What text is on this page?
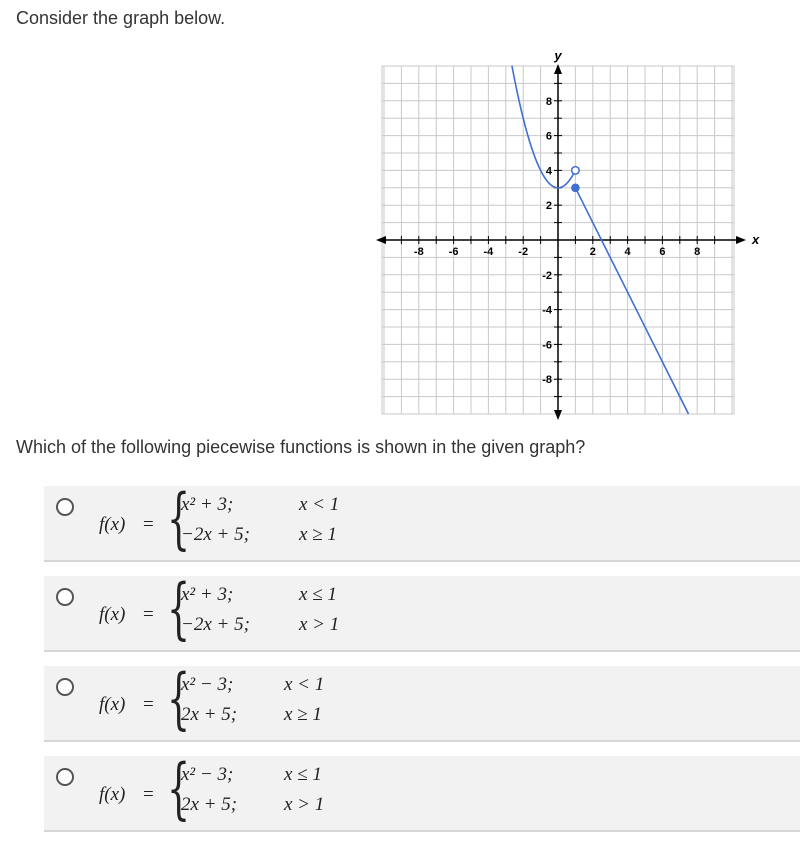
Consider the graph below.
-8 -6 -4 -2	2	4	6	8
8
6
4
2
-2
-4
-6
-8
x
y
Which of the following piecewise functions is shown in the given graph?
f(x) = {
x² + 3;	x < 1
−2x + 5;	x ≥ 1
f(x) = {
x² + 3;	x ≤ 1
−2x + 5;	x > 1
f(x) = {
x² − 3;	x < 1
2x + 5; x ≥ 1
f(x) = {
x² − 3;	x ≤ 1
2x + 5; x > 1
